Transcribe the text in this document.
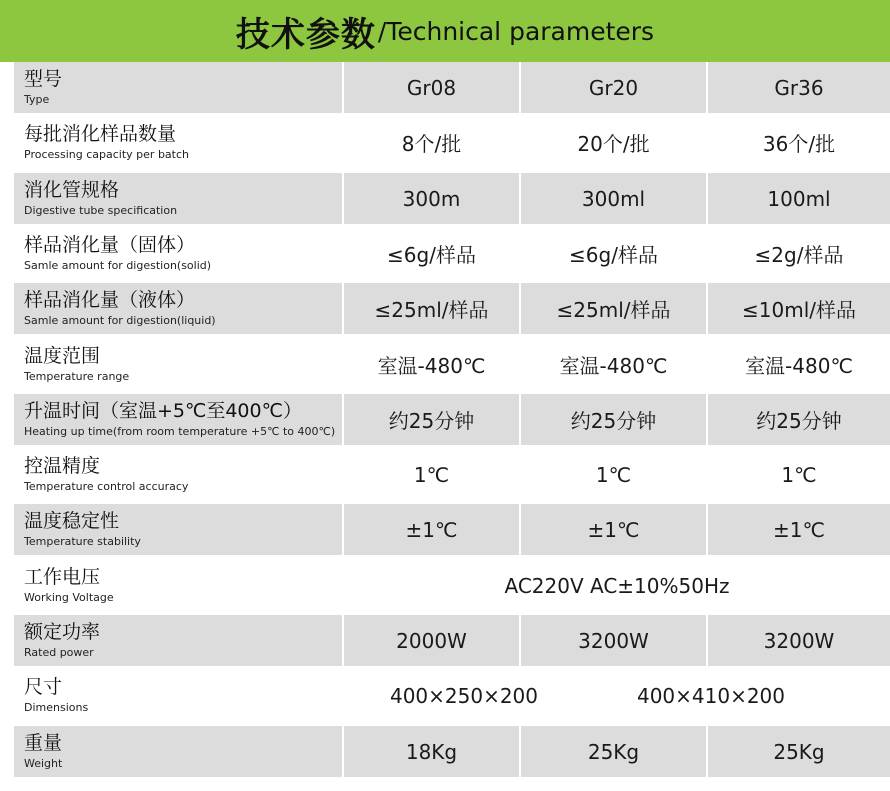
技术参数 /Technical parameters
型号
Type	Gr08	Gr20	Gr36
每批消化样品数量
Processing capacity per batch	8个/批	20个/批	36个/批
消化管规格
Digestive tube specification	300m	300ml	100ml
样品消化量（固体）
Samle amount for digestion(solid)	≤6g/样品	≤6g/样品	≤2g/样品
样品消化量（液体）
Samle amount for digestion(liquid)	≤25ml/样品	≤25ml/样品	≤10ml/样品
温度范围
Temperature range	室温-480℃	室温-480℃	室温-480℃
升温时间（室温+5℃至400℃）
Heating up time(from room temperature +5℃ to 400℃)	约25分钟	约25分钟	约25分钟
控温精度
Temperature control accuracy	1℃	1℃	1℃
温度稳定性
Temperature stability	±1℃	±1℃	±1℃
工作电压
Working Voltage	AC220V AC±10%50Hz
额定功率
Rated power	2000W	3200W	3200W
尺寸
Dimensions	400×250×200	400×410×200
重量
Weight	18Kg	25Kg	25Kg
